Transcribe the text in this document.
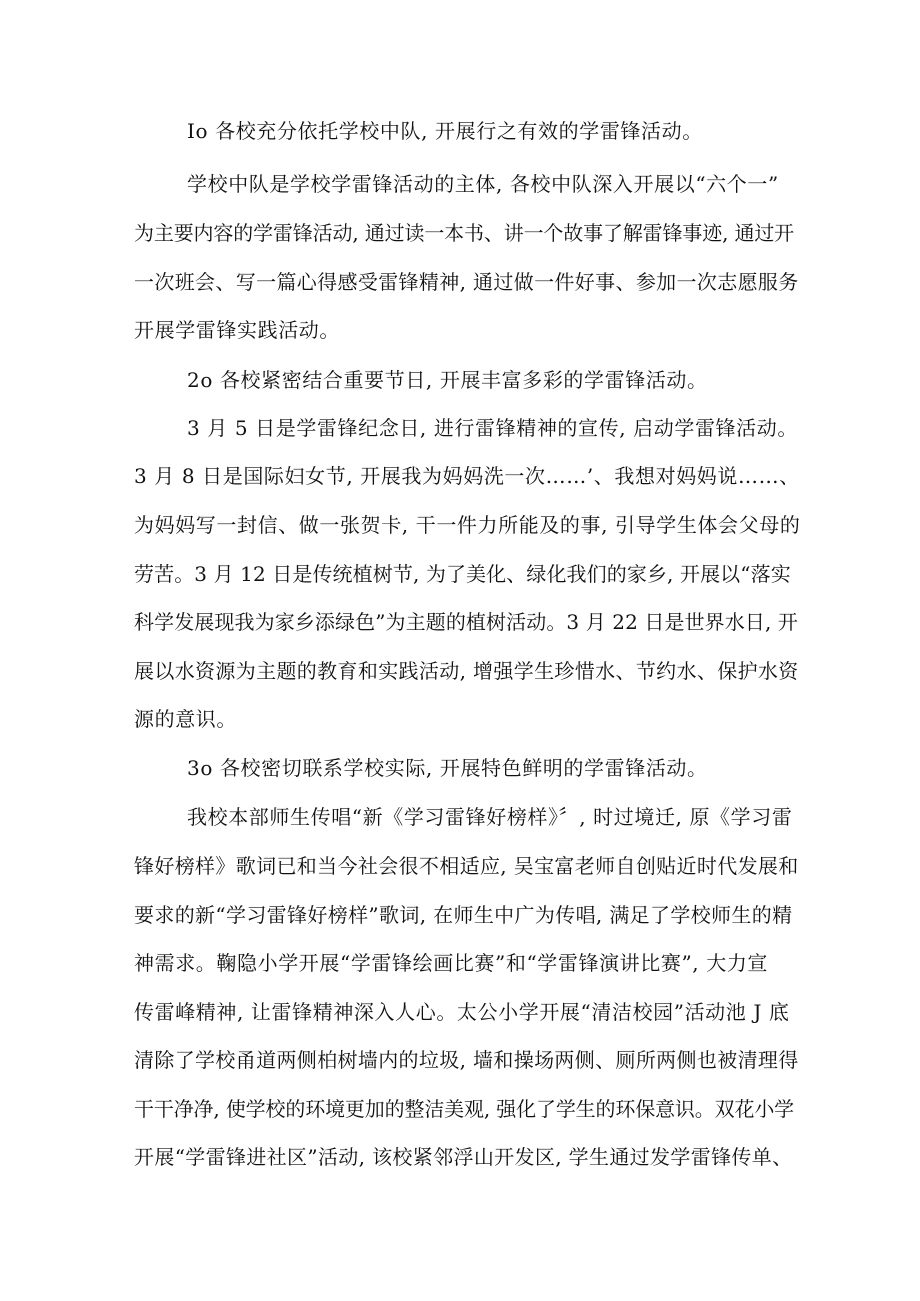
Io 各校充分依托学校中队, 开展行之有效的学雷锋活动。
学校中队是学校学雷锋活动的主体, 各校中队深入开展以“六个一”
为主要内容的学雷锋活动, 通过读一本书、讲一个故事了解雷锋事迹, 通过开
一次班会、写一篇心得感受雷锋精神, 通过做一件好事、参加一次志愿服务
开展学雷锋实践活动。
2o 各校紧密结合重要节日, 开展丰富多彩的学雷锋活动。
3 月 5 日是学雷锋纪念日, 进行雷锋精神的宣传, 启动学雷锋活动。
3 月 8 日是国际妇女节, 开展我为妈妈洗一次……’、我想对妈妈说……、
为妈妈写一封信、做一张贺卡, 干一件力所能及的事, 引导学生体会父母的
劳苦。3 月 12 日是传统植树节, 为了美化、绿化我们的家乡, 开展以“落实
科学发展现我为家乡添绿色”为主题的植树活动。3 月 22 日是世界水日, 开
展以水资源为主题的教育和实践活动, 增强学生珍惜水、节约水、保护水资
源的意识。
3o 各校密切联系学校实际, 开展特色鲜明的学雷锋活动。
我校本部师生传唱“新《学习雷锋好榜样》〞, 时过境迁, 原《学习雷
锋好榜样》歌词已和当今社会很不相适应, 吴宝富老师自创贴近时代发展和
要求的新“学习雷锋好榜样”歌词, 在师生中广为传唱, 满足了学校师生的精
神需求。鞠隐小学开展“学雷锋绘画比赛”和“学雷锋演讲比赛”, 大力宣
传雷峰精神, 让雷锋精神深入人心。太公小学开展“清洁校园”活动池 J 底
清除了学校甬道两侧柏树墙内的垃圾, 墙和操场两侧、厕所两侧也被清理得
干干净净, 使学校的环境更加的整洁美观, 强化了学生的环保意识。双花小学
开展“学雷锋进社区”活动, 该校紧邻浮山开发区, 学生通过发学雷锋传单、
